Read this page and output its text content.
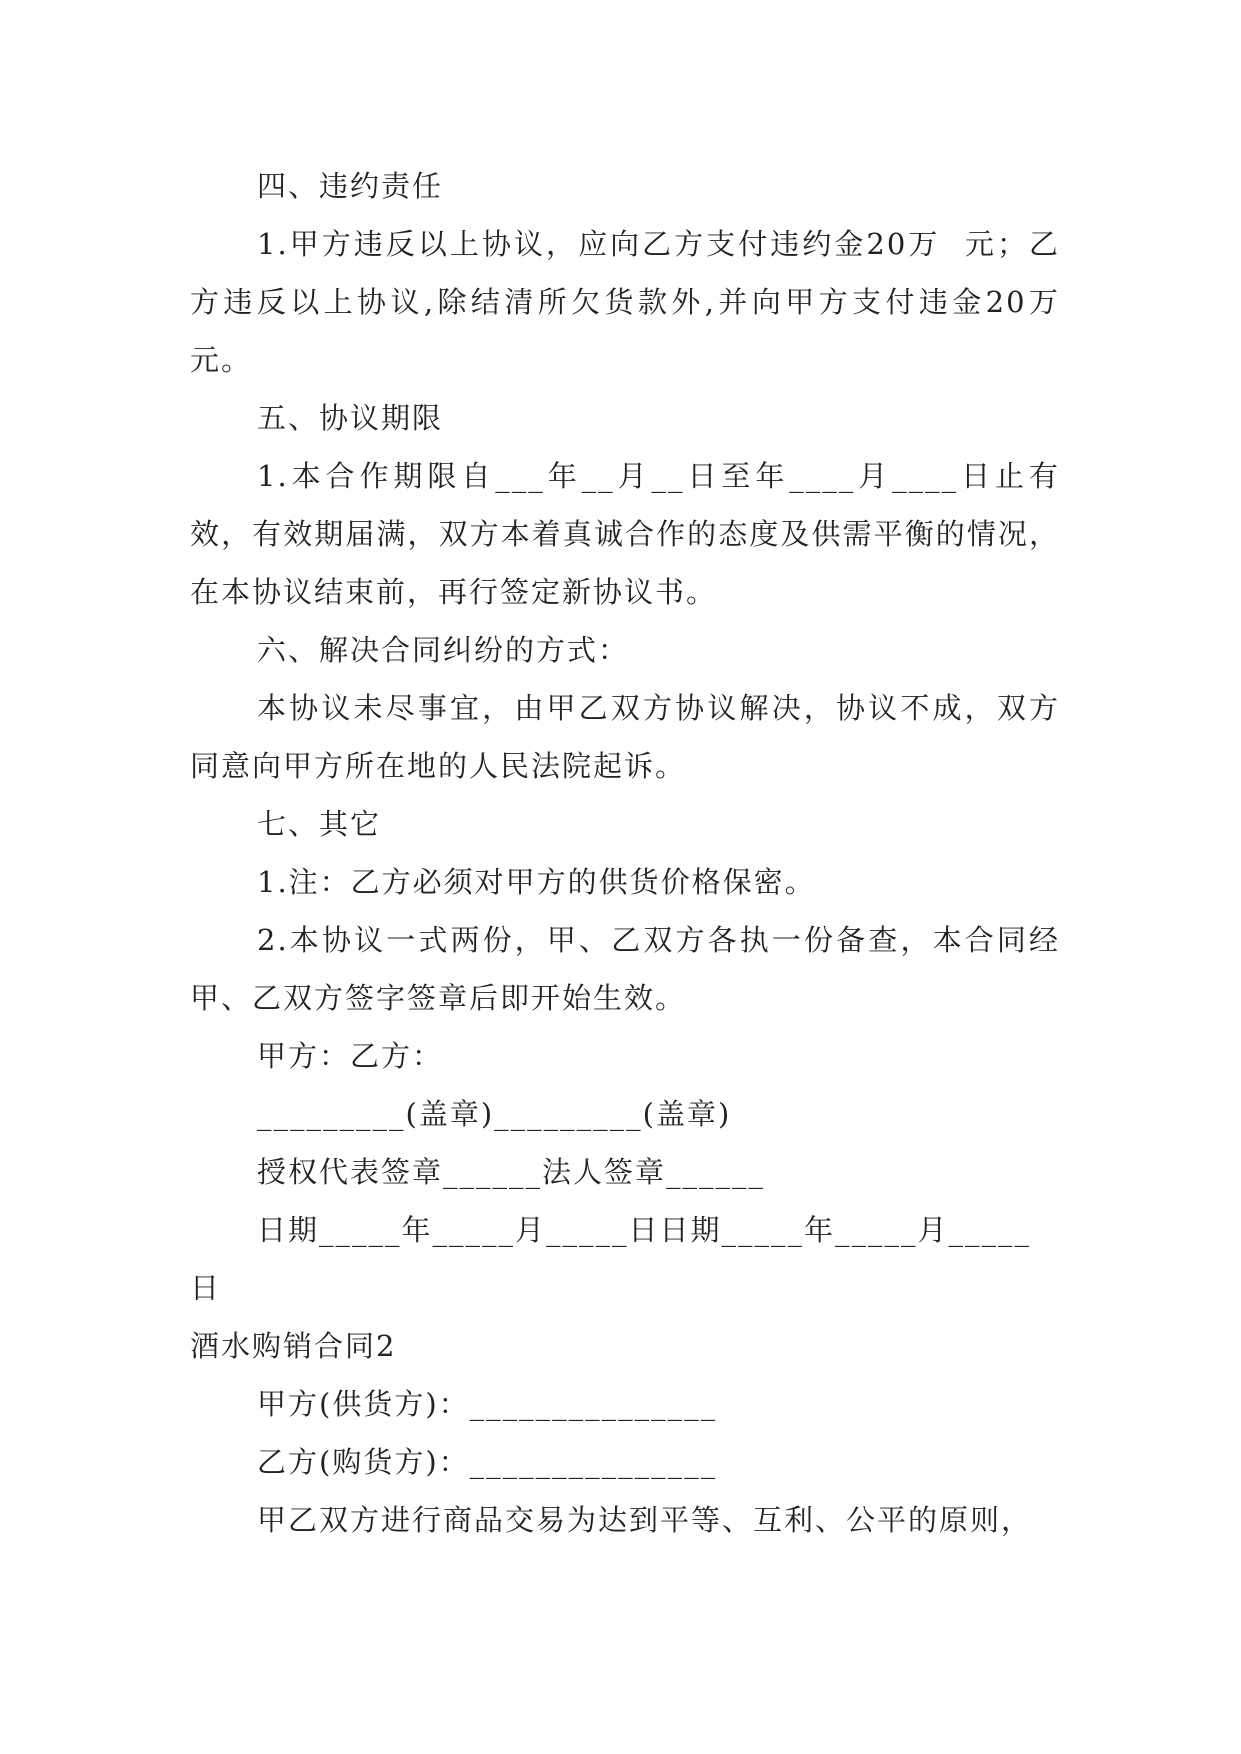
四、违约责任

1.甲方违反以上协议，应向乙方支付违约金20万  元；乙方违反以上协议,除结清所欠货款外,并向甲方支付违金20万  元。

五、协议期限

1.本合作期限自___年__月__日至年____月____日止有效，有效期届满，双方本着真诚合作的态度及供需平衡的情况，在本协议结束前，再行签定新协议书。

六、解决合同纠纷的方式：

本协议未尽事宜，由甲乙双方协议解决，协议不成，双方同意向甲方所在地的人民法院起诉。

七、其它

1.注：乙方必须对甲方的供货价格保密。

2.本协议一式两份，甲、乙双方各执一份备查，本合同经甲、乙双方签字签章后即开始生效。

甲方：乙方：

_________(盖章)_________(盖章)

授权代表签章______法人签章______

日期_____年_____月_____日日期_____年_____月_____日

酒水购销合同2

甲方(供货方)：_______________

乙方(购货方)：_______________

甲乙双方进行商品交易为达到平等、互利、公平的原则，
